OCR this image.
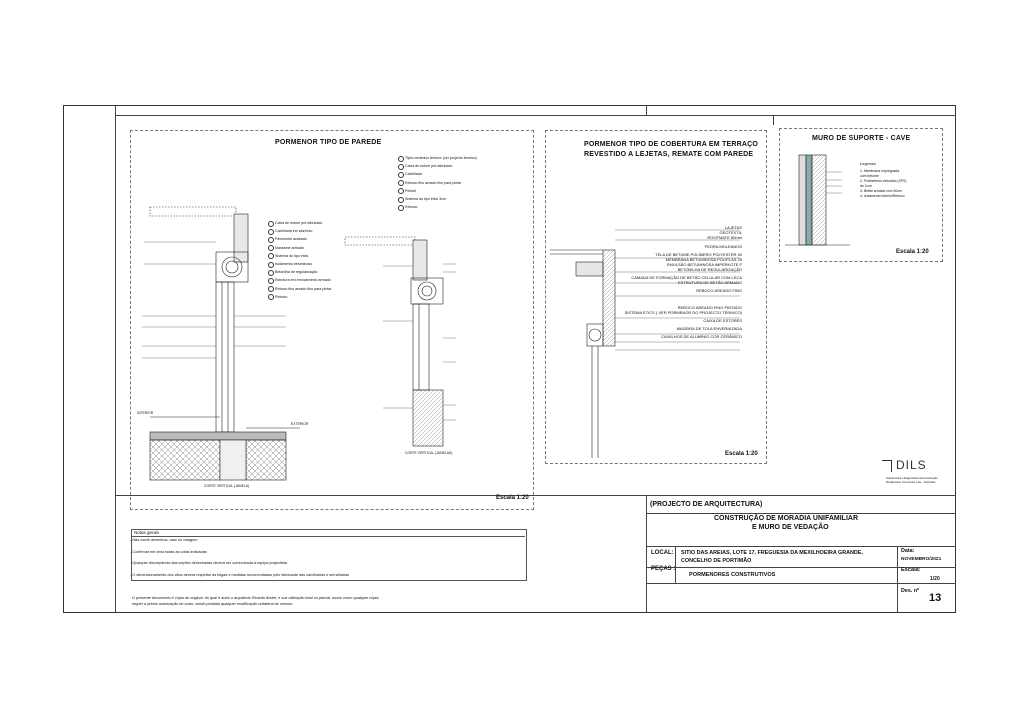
PORMENOR TIPO DE PAREDE
Tijolo cerâmico térmico (ver projecto térmico)
Caixa de estore pré-fabricado
Caixilharia
Reboco fino areado fino para pintar
Peitoril
Sistema do tipo etics 3cm
Reboco
Caixa de estore pré-fabricado
Caixilharia em alumínio
Pavimento acabado
Massame armado
Sistema do tipo etics
Isolamento betuminoso
Betonilha de regularização
Estrutura em enrocamento armado
Reboco fino areado fino para pintar
Reboco
INTERIOR
EXTERIOR
CORTE VERTICAL (JANELA)
CORTE VERTICAL (JANELAS)
Escala 1:20
PORMENOR TIPO DE COBERTURA EM TERRAÇO
REVESTIDO A LEJETAS, REMATE COM PAREDE
LAJETAS
GEOTEXTIL
ROOFMATE 60mm
PEDRA MOLEANOS
TELA DE BETUME POLÍMERO POLYESTER 40
MEMBRANA BETUMINOSA POLIPLAS 25
EMULSÃO BETUMINOSA IMPERKOTE F
BETONILHA DE REGULARIZAÇÃO
CAMADA DE FORMAÇÃO DE BETÃO CELULAR COM LECA
ESTRUTURA DE BETÃO ARMADO
REBOCO AREADO FINO
REBOCO AREADO FINO PINTADO
SISTEMA ETICS ( VER PORMENOR DO PROJECTO TÉRMICO)
CAIXA DE ESTORES
MADEIRA DE TOLA ENVERNIZADA
CAIXILHOS DE ALUMÍNIO COR CERÂMICO
Escala 1:20
MURO DE SUPORTE - CAVE
Legenda
1- Membrana Impregnada
com betume
2- Poliestireno extrudido (XPS)
de 3 cm
3- Betão armado com 30cm
4- Isolamento interior/Reboco
Escala 1:20
DILS
Arquitectura e Engenharia da Construção
Residencial, Comercial, Lda. - Portimão
Notas gerais
- Não medir desenhos, usar só cotagem
- Confirmar em obra todas as cotas indicadas
- Qualquer discrepância das seções desenhadas deverá ser comunicada à equipa projectista
- O dimensionamento dos vãos deverá respeitar as folgas e medidas recomendadas pelo fabricante das caixilharias e serralharias
O presente documento é cópia do original, do qual é autor o arquitecto Ricardo André, e sua utilização total ou parcial, assim como qualquer cópia,
requer a prévia autorização do autor, sendo proibida qualquer modificação unilateral do mesmo.
(PROJECTO DE ARQUITECTURA)
CONSTRUÇÃO DE MORADIA UNIFAMILIAR
E MURO DE VEDAÇÃO
LOCAL: SITIO DAS AREIAS, LOTE 17, FREGUESIA DA MEXILHOEIRA GRANDE,
CONCELHO DE PORTIMÃO
Data:
NOVEMBRO/2021
PEÇAS :
PORMENORES CONSTRUTIVOS
Escala:
1/20
Des. nº
13
